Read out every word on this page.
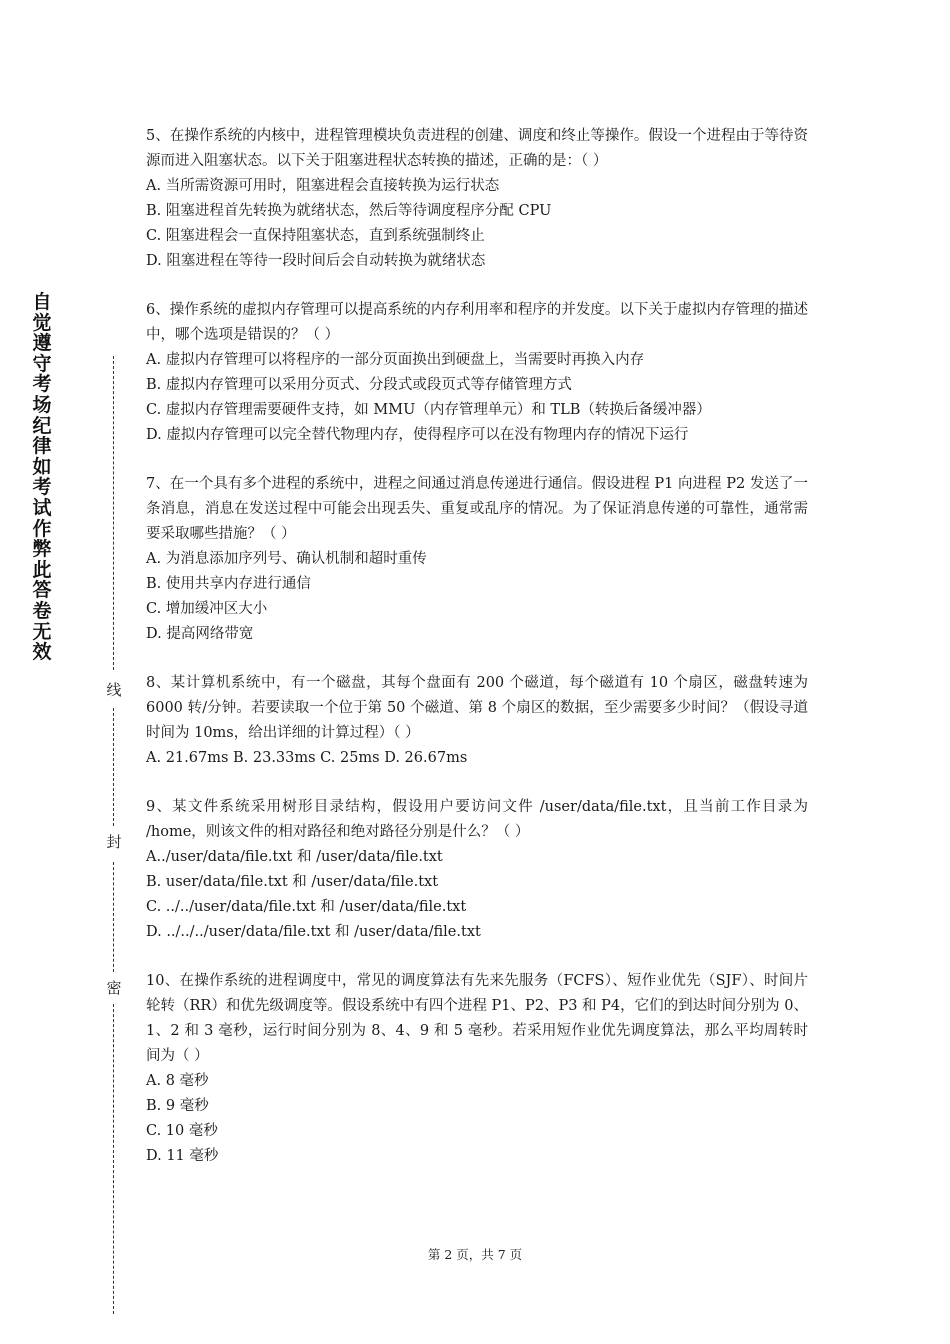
自觉遵守考场纪律如考试作弊此答卷无效
线
封
密
5、在操作系统的内核中，进程管理模块负责进程的创建、调度和终止等操作。假设一个进程由于等待资源而进入阻塞状态。以下关于阻塞进程状态转换的描述，正确的是：（ ）
A. 当所需资源可用时，阻塞进程会直接转换为运行状态
B. 阻塞进程首先转换为就绪状态，然后等待调度程序分配 CPU
C. 阻塞进程会一直保持阻塞状态，直到系统强制终止
D. 阻塞进程在等待一段时间后会自动转换为就绪状态
6、操作系统的虚拟内存管理可以提高系统的内存利用率和程序的并发度。以下关于虚拟内存管理的描述中，哪个选项是错误的？（ ）
A. 虚拟内存管理可以将程序的一部分页面换出到硬盘上，当需要时再换入内存
B. 虚拟内存管理可以采用分页式、分段式或段页式等存储管理方式
C. 虚拟内存管理需要硬件支持，如 MMU（内存管理单元）和 TLB（转换后备缓冲器）
D. 虚拟内存管理可以完全替代物理内存，使得程序可以在没有物理内存的情况下运行
7、在一个具有多个进程的系统中，进程之间通过消息传递进行通信。假设进程 P1 向进程 P2 发送了一条消息，消息在发送过程中可能会出现丢失、重复或乱序的情况。为了保证消息传递的可靠性，通常需要采取哪些措施？（ ）
A. 为消息添加序列号、确认机制和超时重传
B. 使用共享内存进行通信
C. 增加缓冲区大小
D. 提高网络带宽
8、某计算机系统中，有一个磁盘，其每个盘面有 200 个磁道，每个磁道有 10 个扇区，磁盘转速为 6000 转/分钟。若要读取一个位于第 50 个磁道、第 8 个扇区的数据，至少需要多少时间？（假设寻道时间为 10ms，给出详细的计算过程）（ ）
A. 21.67ms B. 23.33ms C. 25ms D. 26.67ms
9、某文件系统采用树形目录结构，假设用户要访问文件 /user/data/file.txt，且当前工作目录为 /home，则该文件的相对路径和绝对路径分别是什么？（ ）
A../user/data/file.txt 和 /user/data/file.txt
B. user/data/file.txt 和 /user/data/file.txt
C. ../../user/data/file.txt 和 /user/data/file.txt
D. ../../../user/data/file.txt 和 /user/data/file.txt
10、在操作系统的进程调度中，常见的调度算法有先来先服务（FCFS）、短作业优先（SJF）、时间片轮转（RR）和优先级调度等。假设系统中有四个进程 P1、P2、P3 和 P4，它们的到达时间分别为 0、1、2 和 3 毫秒，运行时间分别为 8、4、9 和 5 毫秒。若采用短作业优先调度算法，那么平均周转时间为（ ）
A. 8 毫秒
B. 9 毫秒
C. 10 毫秒
D. 11 毫秒
第 2 页，共 7 页
